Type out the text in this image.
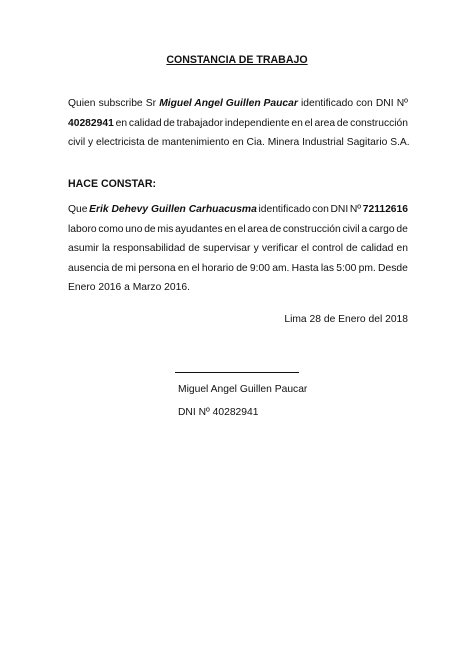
CONSTANCIA DE TRABAJO
Quien subscribe Sr Miguel Angel Guillen Paucar identificado con DNI Nº
40282941 en calidad de trabajador independiente en el area de construcción
civil y electricista de mantenimiento en Cia. Minera Industrial Sagitario S.A.
HACE CONSTAR:
Que Erik Dehevy Guillen Carhuacusma identificado con DNI Nº 72112616
laboro como uno de mis ayudantes en el area de construcción civil a cargo de
asumir la responsabilidad de supervisar y verificar el control de calidad en
ausencia de mi persona en el horario de 9:00 am. Hasta las 5:00 pm. Desde
Enero 2016 a Marzo 2016.
Lima 28 de Enero del 2018
Miguel Angel Guillen Paucar
DNI Nº 40282941
